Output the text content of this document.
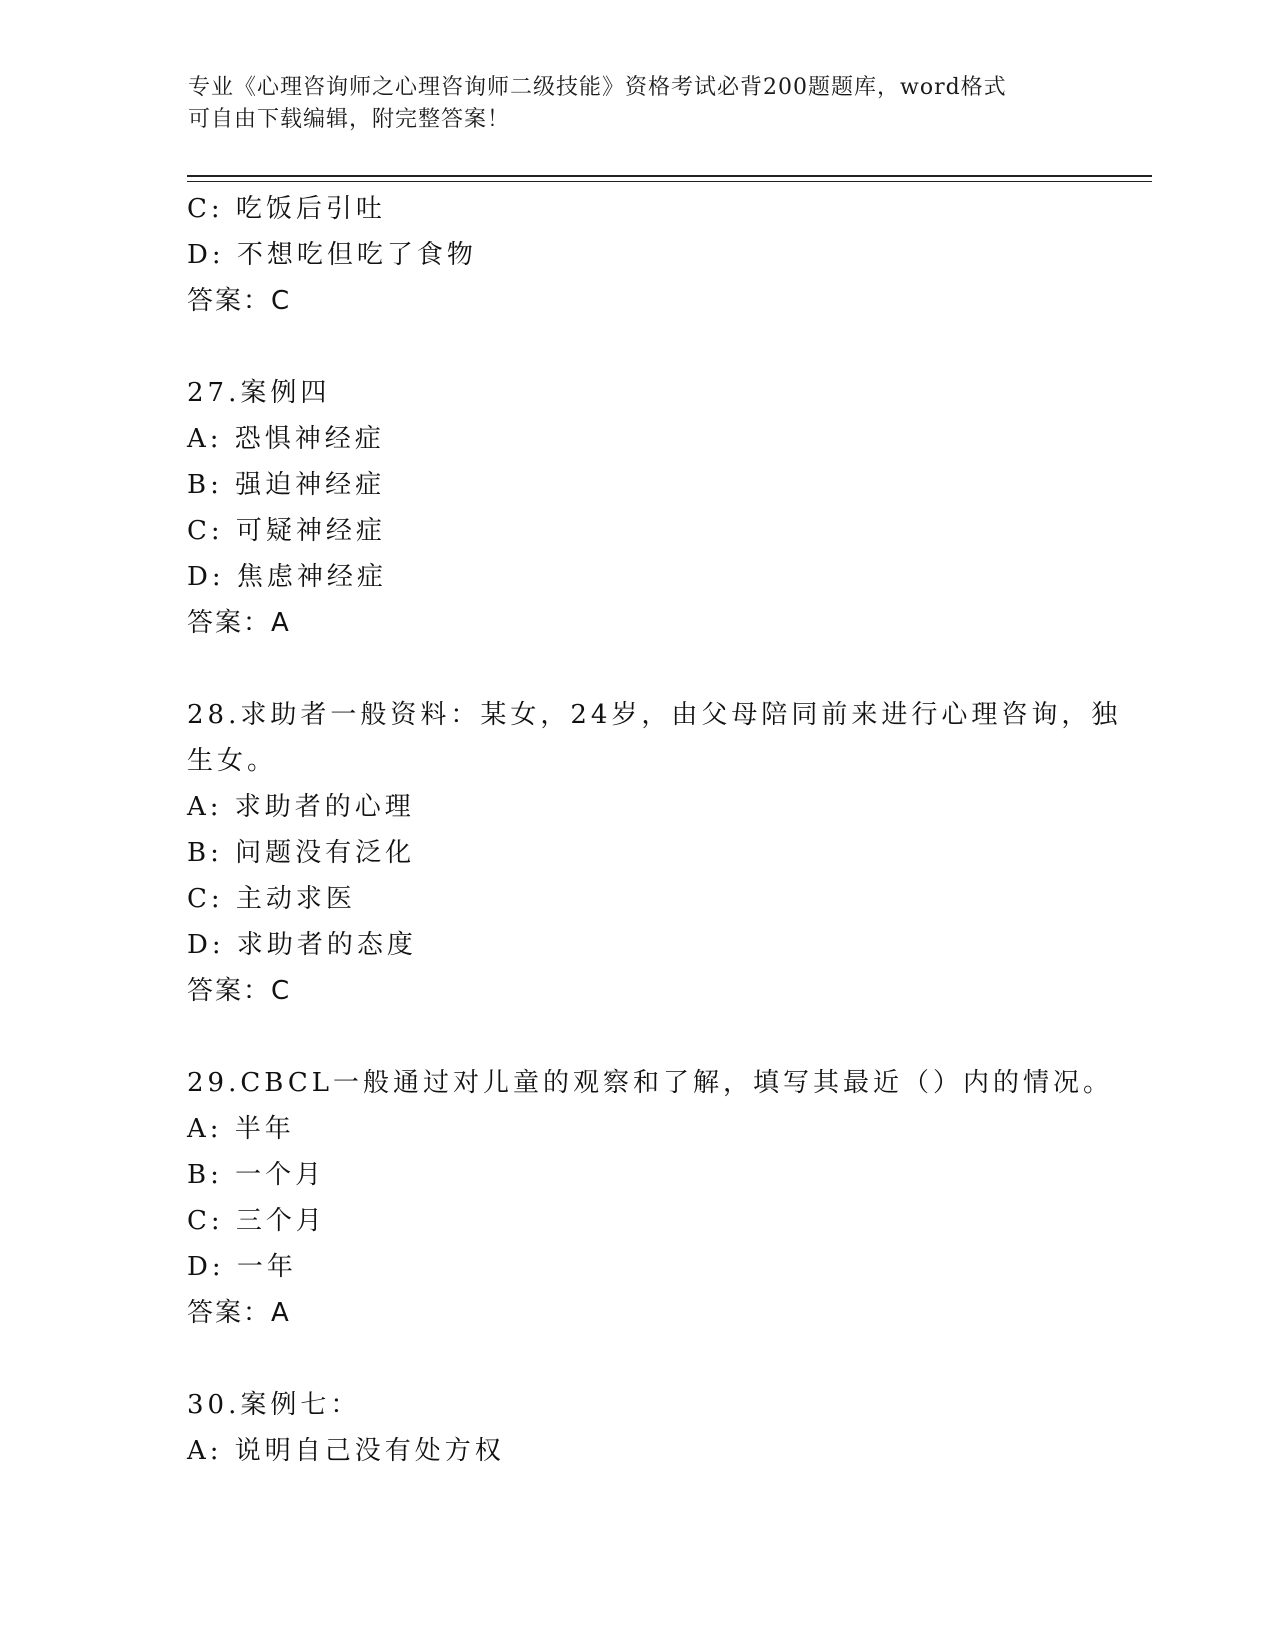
专业《心理咨询师之心理咨询师二级技能》资格考试必背200题题库，word格式
可自由下载编辑，附完整答案！
C: 吃饭后引吐
D: 不想吃但吃了食物
答案：C
27.案例四
A: 恐惧神经症
B: 强迫神经症
C: 可疑神经症
D: 焦虑神经症
答案：A
28.求助者一般资料：某女，24岁，由父母陪同前来进行心理咨询，独
生女。
A: 求助者的心理
B: 问题没有泛化
C: 主动求医
D: 求助者的态度
答案：C
29.CBCL一般通过对儿童的观察和了解，填写其最近（）内的情况。
A: 半年
B: 一个月
C: 三个月
D: 一年
答案：A
30.案例七：
A: 说明自己没有处方权
